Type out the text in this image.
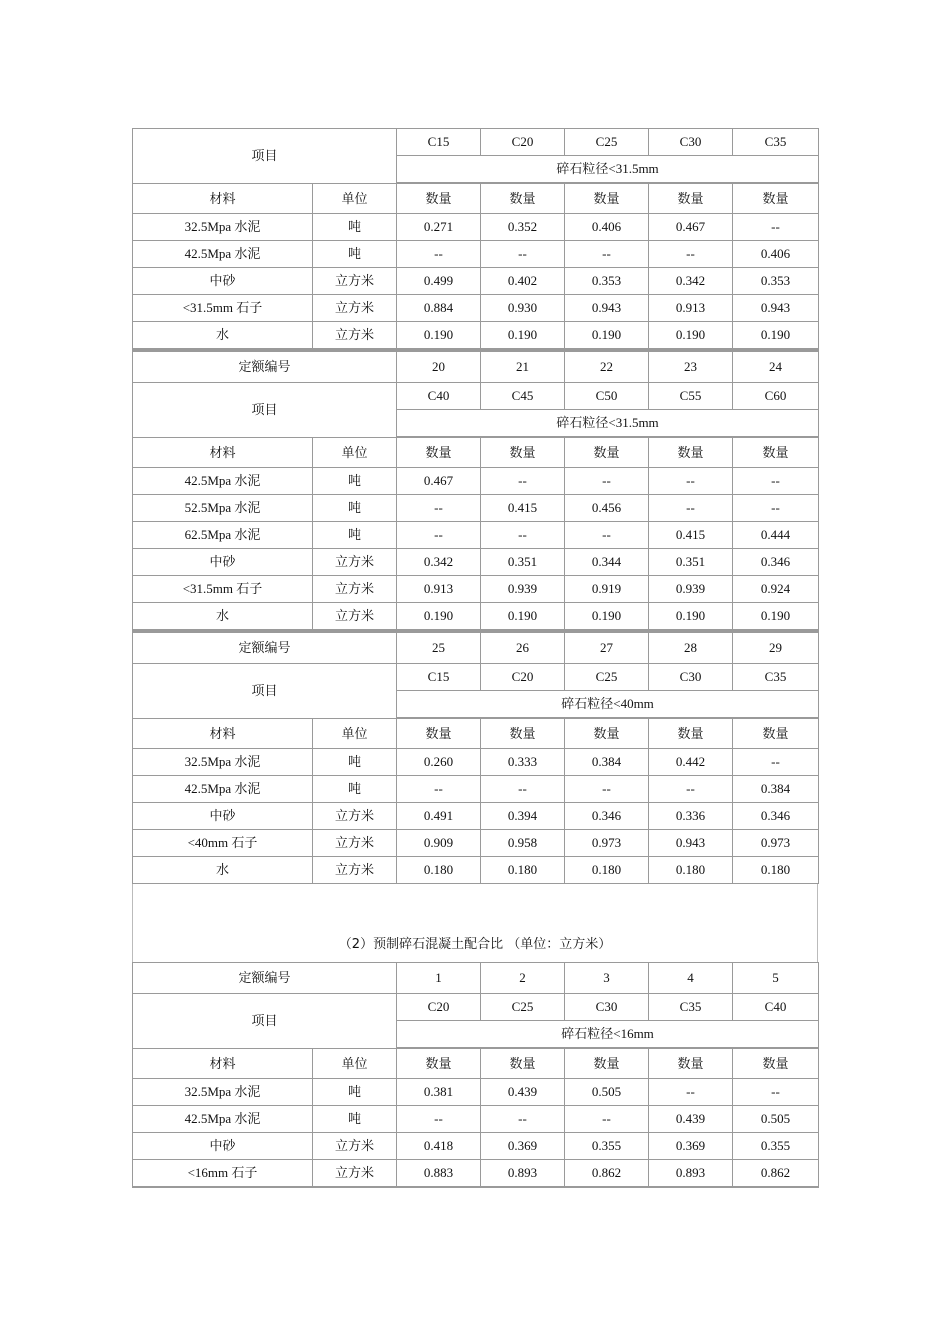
项目		C15	C20	C25	C30	C35
		碎石粒径<31.5mm				
材料	单位	数量	数量	数量	数量	数量
32.5Mpa 水泥	吨	0.271	0.352	0.406	0.467	--
42.5Mpa 水泥	吨	--	--	--	--	0.406
中砂	立方米	0.499	0.402	0.353	0.342	0.353
<31.5mm 石子	立方米	0.884	0.930	0.943	0.913	0.943
水	立方米	0.190	0.190	0.190	0.190	0.190
定额编号		20	21	22	23	24
项目		C40	C45	C50	C55	C60
		碎石粒径<31.5mm				
材料	单位	数量	数量	数量	数量	数量
42.5Mpa 水泥	吨	0.467	--	--	--	--
52.5Mpa 水泥	吨	--	0.415	0.456	--	--
62.5Mpa 水泥	吨	--	--	--	0.415	0.444
中砂	立方米	0.342	0.351	0.344	0.351	0.346
<31.5mm 石子	立方米	0.913	0.939	0.919	0.939	0.924
水	立方米	0.190	0.190	0.190	0.190	0.190
定额编号		25	26	27	28	29
项目		C15	C20	C25	C30	C35
		碎石粒径<40mm				
材料	单位	数量	数量	数量	数量	数量
32.5Mpa 水泥	吨	0.260	0.333	0.384	0.442	--
42.5Mpa 水泥	吨	--	--	--	--	0.384
中砂	立方米	0.491	0.394	0.346	0.336	0.346
<40mm 石子	立方米	0.909	0.958	0.973	0.943	0.973
水	立方米	0.180	0.180	0.180	0.180	0.180
（2）预制碎石混凝土配合比 （单位：立方米）
定额编号		1	2	3	4	5
项目		C20	C25	C30	C35	C40
		碎石粒径<16mm				
材料	单位	数量	数量	数量	数量	数量
32.5Mpa 水泥	吨	0.381	0.439	0.505	--	--
42.5Mpa 水泥	吨	--	--	--	0.439	0.505
中砂	立方米	0.418	0.369	0.355	0.369	0.355
<16mm 石子	立方米	0.883	0.893	0.862	0.893	0.862
